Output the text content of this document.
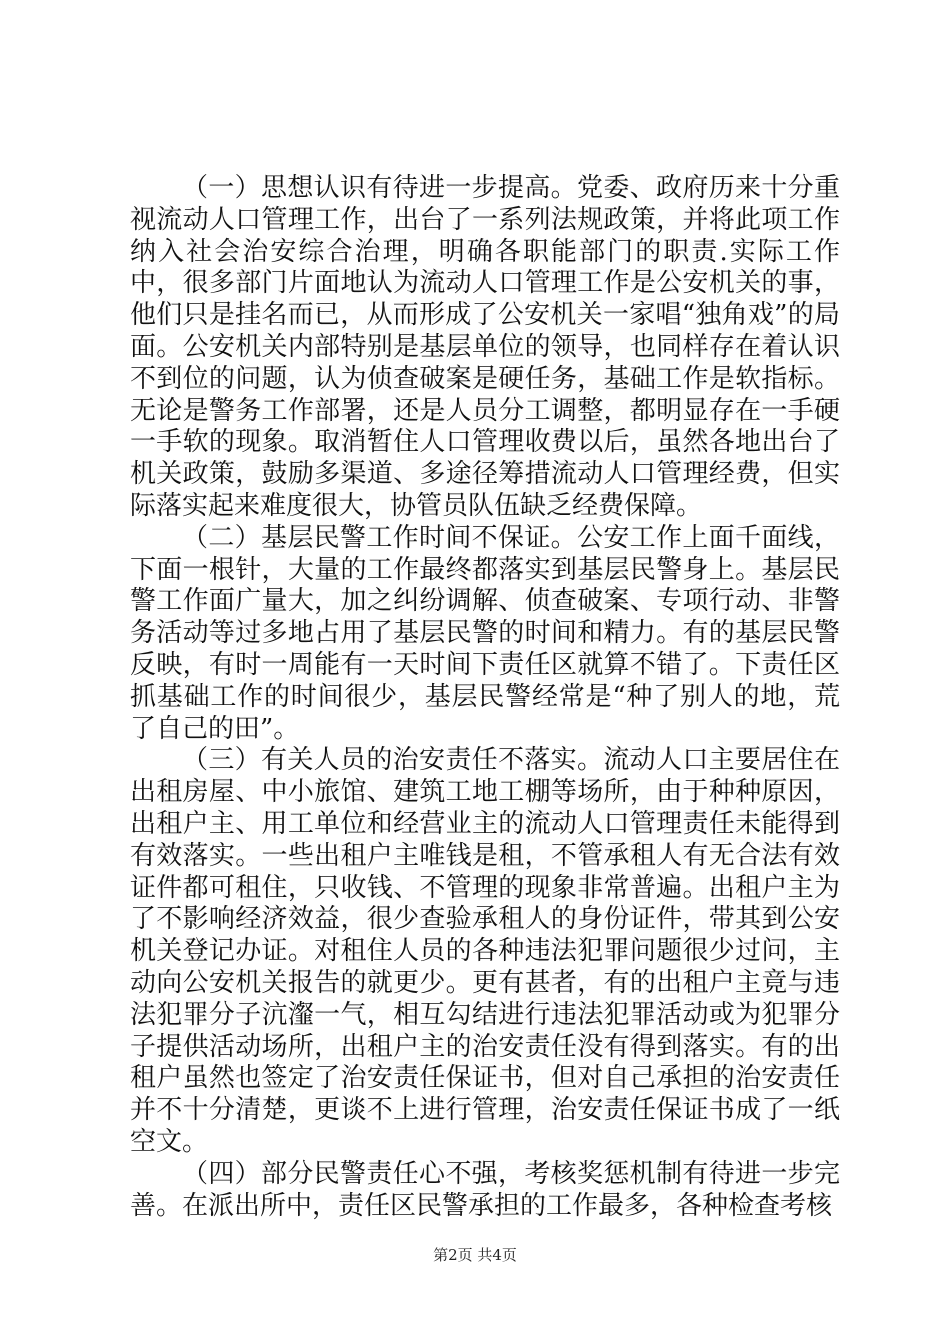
（一）思想认识有待进一步提高。党委、政府历来十分重视流动人口管理工作，出台了一系列法规政策，并将此项工作纳入社会治安综合治理，明确各职能部门的职责.实际工作中，很多部门片面地认为流动人口管理工作是公安机关的事，他们只是挂名而已，从而形成了公安机关一家唱“独角戏”的局面。公安机关内部特别是基层单位的领导，也同样存在着认识不到位的问题，认为侦查破案是硬任务，基础工作是软指标。无论是警务工作部署，还是人员分工调整，都明显存在一手硬一手软的现象。取消暂住人口管理收费以后，虽然各地出台了机关政策，鼓励多渠道、多途径筹措流动人口管理经费，但实际落实起来难度很大，协管员队伍缺乏经费保障。

（二）基层民警工作时间不保证。公安工作上面千面线，下面一根针，大量的工作最终都落实到基层民警身上。基层民警工作面广量大，加之纠纷调解、侦查破案、专项行动、非警务活动等过多地占用了基层民警的时间和精力。有的基层民警反映，有时一周能有一天时间下责任区就算不错了。下责任区抓基础工作的时间很少，基层民警经常是“种了别人的地，荒了自己的田”。

（三）有关人员的治安责任不落实。流动人口主要居住在出租房屋、中小旅馆、建筑工地工棚等场所，由于种种原因，出租户主、用工单位和经营业主的流动人口管理责任未能得到有效落实。一些出租户主唯钱是租，不管承租人有无合法有效证件都可租住，只收钱、不管理的现象非常普遍。出租户主为了不影响经济效益，很少查验承租人的身份证件，带其到公安机关登记办证。对租住人员的各种违法犯罪问题很少过问，主动向公安机关报告的就更少。更有甚者，有的出租户主竟与违法犯罪分子沆瀣一气，相互勾结进行违法犯罪活动或为犯罪分子提供活动场所，出租户主的治安责任没有得到落实。有的出租户虽然也签定了治安责任保证书，但对自己承担的治安责任并不十分清楚，更谈不上进行管理，治安责任保证书成了一纸空文。

（四）部分民警责任心不强，考核奖惩机制有待进一步完善。在派出所中，责任区民警承担的工作最多，各种检查考核

第2页 共4页
